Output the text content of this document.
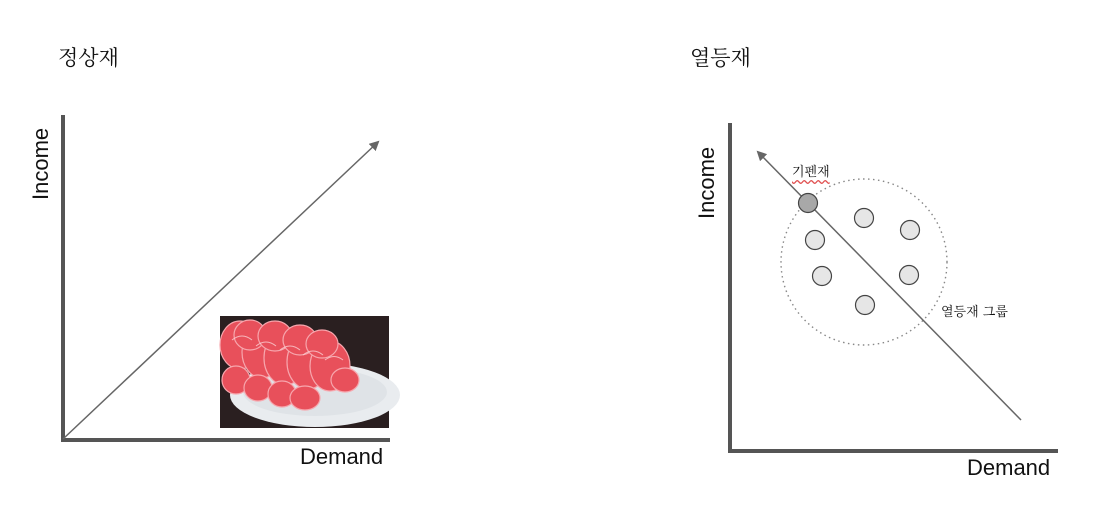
정상재	열등재
Income	Income
Demand	Demand
기펜재
열등재 그룹
